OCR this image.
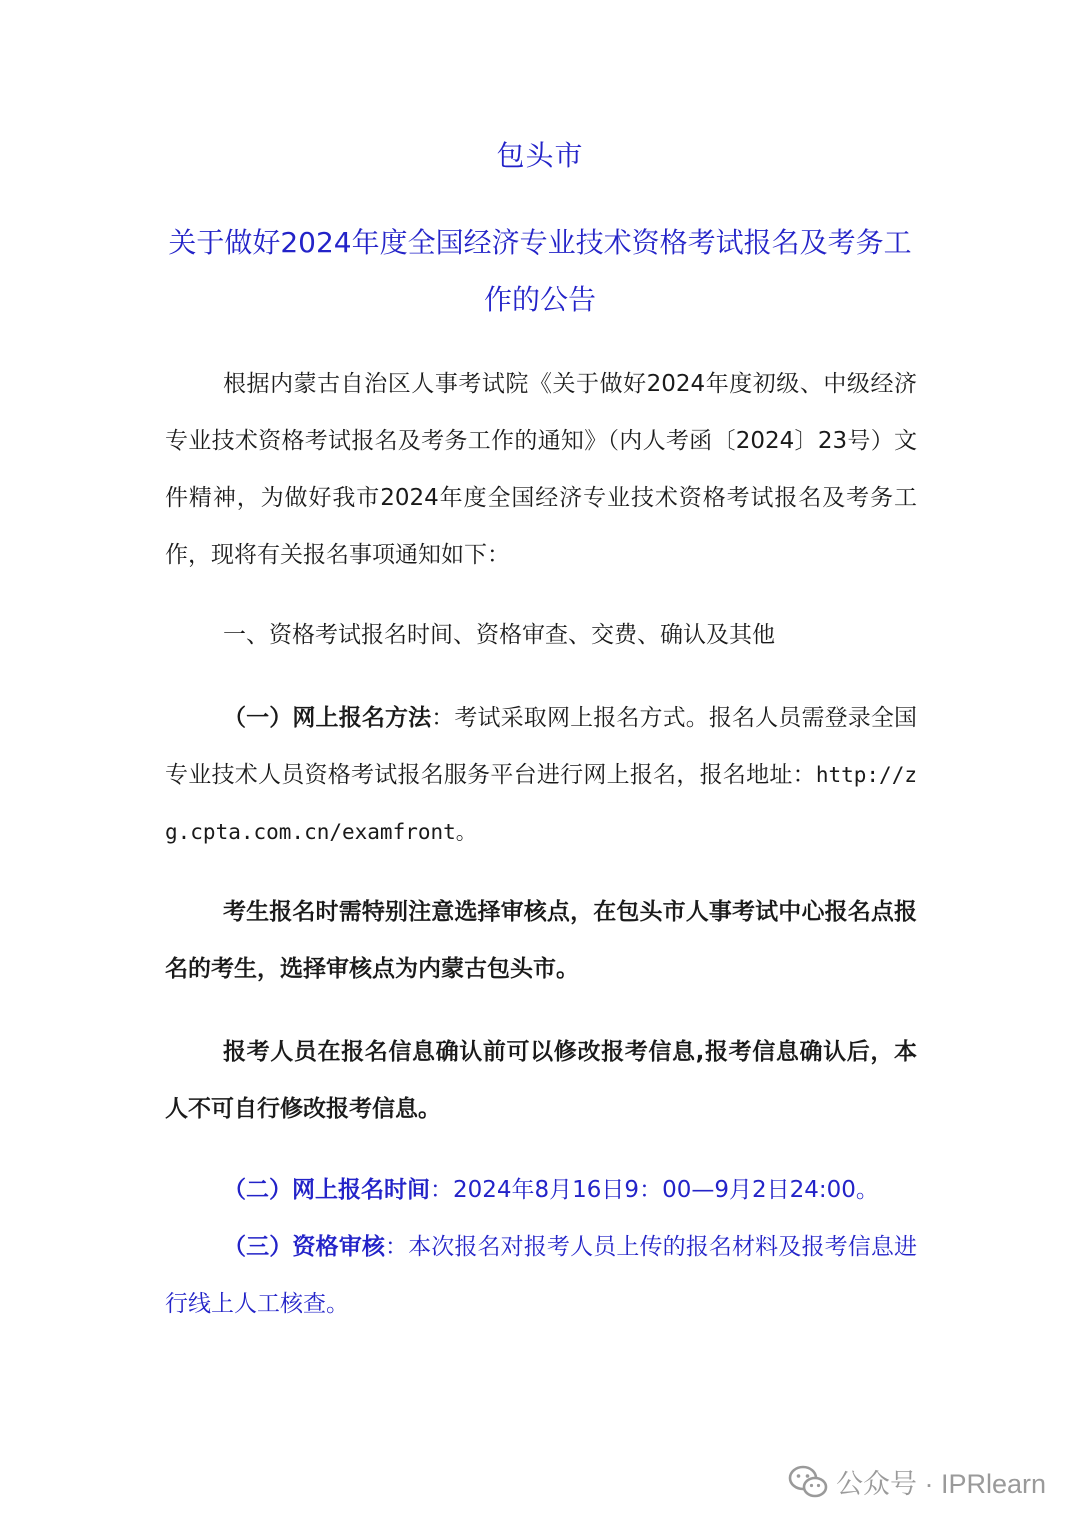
包头市
关于做好2024年度全国经济专业技术资格考试报名及考务工作的公告

根据内蒙古自治区人事考试院《关于做好2024年度初级、中级经济专业技术资格考试报名及考务工作的通知》（内人考函〔2024〕23号）文件精神，为做好我市2024年度全国经济专业技术资格考试报名及考务工作，现将有关报名事项通知如下：

一、资格考试报名时间、资格审查、交费、确认及其他

（一）网上报名方法：考试采取网上报名方式。报名人员需登录全国专业技术人员资格考试报名服务平台进行网上报名，报名地址：http://zg.cpta.com.cn/examfront。

考生报名时需特别注意选择审核点，在包头市人事考试中心报名点报名的考生，选择审核点为内蒙古包头市。

报考人员在报名信息确认前可以修改报考信息,报考信息确认后，本人不可自行修改报考信息。

（二）网上报名时间：2024年8月16日9：00—9月2日24:00。

（三）资格审核：本次报名对报考人员上传的报名材料及报考信息进行线上人工核查。

公众号 · IPRlearn
